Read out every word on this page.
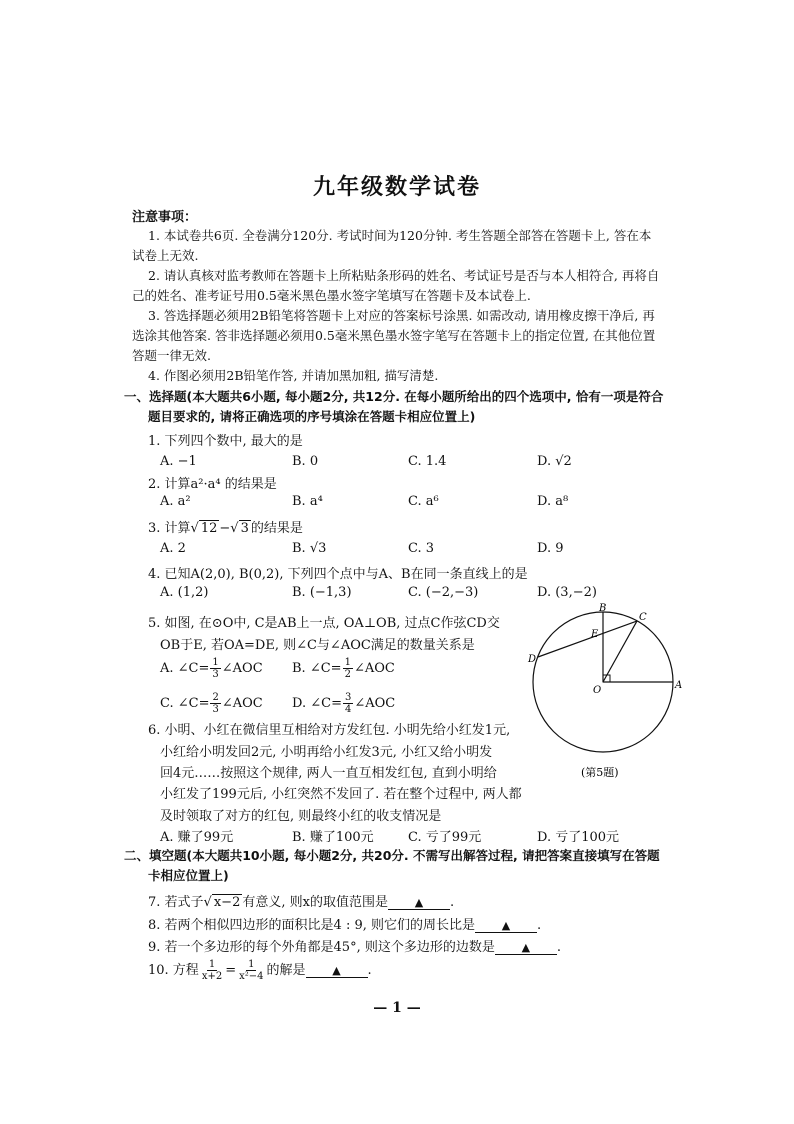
九年级数学试卷
注意事项：
1. 本试卷共6页. 全卷满分120分. 考试时间为120分钟. 考生答题全部答在答题卡上, 答在本
试卷上无效.
2. 请认真核对监考教师在答题卡上所粘贴条形码的姓名、考试证号是否与本人相符合, 再将自
己的姓名、准考证号用0.5毫米黑色墨水签字笔填写在答题卡及本试卷上.
3. 答选择题必须用2B铅笔将答题卡上对应的答案标号涂黑. 如需改动, 请用橡皮擦干净后, 再
选涂其他答案. 答非选择题必须用0.5毫米黑色墨水签字笔写在答题卡上的指定位置, 在其他位置
答题一律无效.
4. 作图必须用2B铅笔作答, 并请加黑加粗, 描写清楚.
一、选择题(本大题共6小题, 每小题2分, 共12分. 在每小题所给出的四个选项中, 恰有一项是符合
题目要求的, 请将正确选项的序号填涂在答题卡相应位置上)
1. 下列四个数中, 最大的是
A. −1	B. 0	C. 1.4	D. √2
2. 计算a²·a⁴ 的结果是
A. a²	B. a⁴	C. a⁶	D. a⁸
3. 计算√ 12 −√ 3 的结果是
A. 2	B. √3	C. 3	D. 9
4. 已知A(2,0), B(0,2), 下列四个点中与A、B在同一条直线上的是
A. (1,2)	B. (−1,3)	C. (−2,−3)	D. (3,−2)
5. 如图, 在⊙O中, C是AB上一点, OA⊥OB, 过点C作弦CD交
OB于E, 若OA=DE, 则∠C与∠AOC满足的数量关系是
A. ∠C= $\frac{1}{3}$ ∠AOC B. ∠C= $\frac{1}{2}$ ∠AOC
C. ∠C= $\frac{2}{3}$ ∠AOC D. ∠C= $\frac{3}{4}$ ∠AOC
B
C
E
D
O	A
(第5题)
6. 小明、小红在微信里互相给对方发红包. 小明先给小红发1元,
小红给小明发回2元, 小明再给小红发3元, 小红又给小明发
回4元……按照这个规律, 两人一直互相发红包, 直到小明给
小红发了199元后, 小红突然不发回了. 若在整个过程中, 两人都
及时领取了对方的红包, 则最终小红的收支情况是
A. 赚了99元	B. 赚了100元	C. 亏了99元	D. 亏了100元
二、填空题(本大题共10小题, 每小题2分, 共20分. 不需写出解答过程, 请把答案直接填写在答题
卡相应位置上)
7. 若式子√ x−2 有意义, 则x的取值范围是 ▲ .
8. 若两个相似四边形的面积比是4 : 9, 则它们的周长比是 ▲ .
9. 若一个多边形的每个外角都是45°, 则这个多边形的边数是 ▲ .
10. 方程 $\frac{1}{x+2} = \frac{1}{\text{x²−4}}$ 的解是 ▲ .
— 1 —
